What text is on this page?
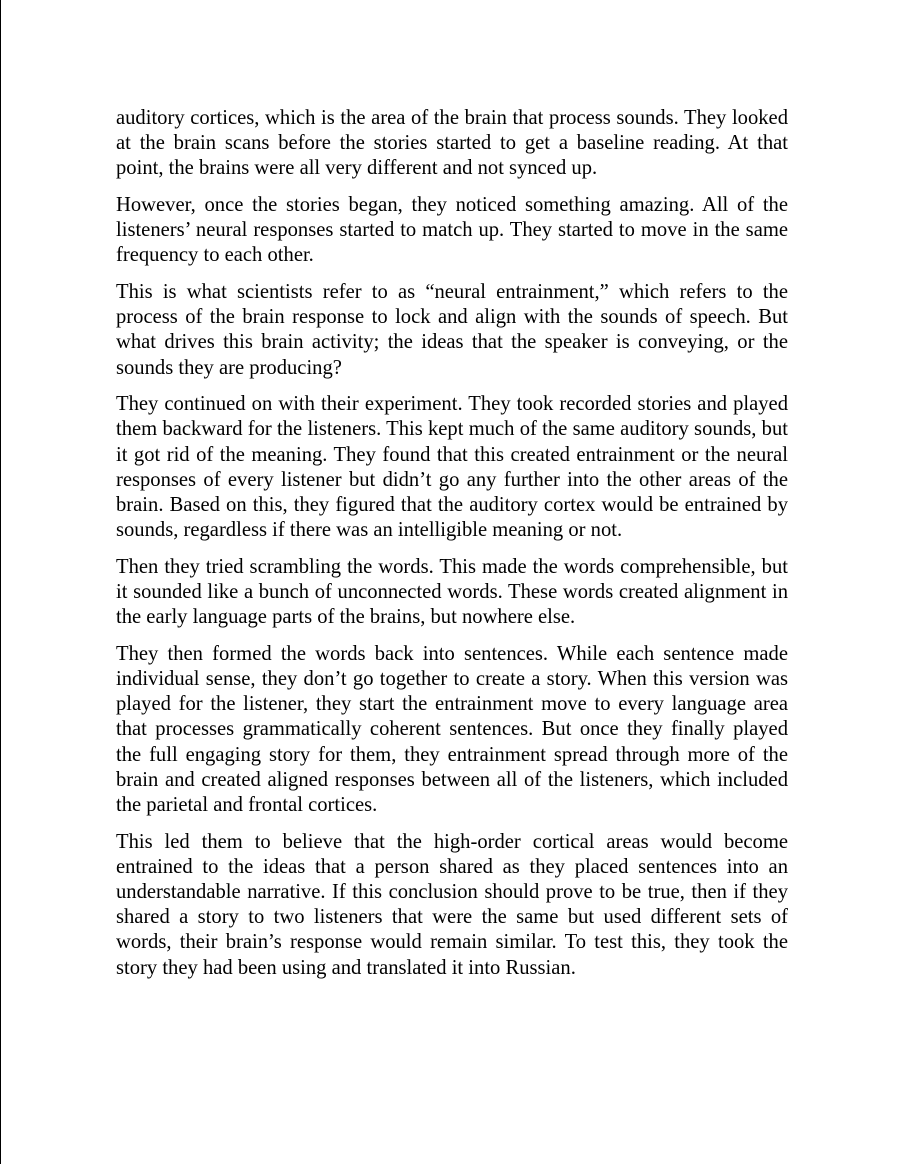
auditory cortices, which is the area of the brain that process sounds. They looked at the brain scans before the stories started to get a baseline reading. At that point, the brains were all very different and not synced up.

However, once the stories began, they noticed something amazing. All of the listeners’ neural responses started to match up. They started to move in the same frequency to each other.

This is what scientists refer to as “neural entrainment,” which refers to the process of the brain response to lock and align with the sounds of speech. But what drives this brain activity; the ideas that the speaker is conveying, or the sounds they are producing?

They continued on with their experiment. They took recorded stories and played them backward for the listeners. This kept much of the same auditory sounds, but it got rid of the meaning. They found that this created entrainment or the neural responses of every listener but didn’t go any further into the other areas of the brain. Based on this, they figured that the auditory cortex would be entrained by sounds, regardless if there was an intelligible meaning or not.

Then they tried scrambling the words. This made the words comprehensible, but it sounded like a bunch of unconnected words. These words created alignment in the early language parts of the brains, but nowhere else.

They then formed the words back into sentences. While each sentence made individual sense, they don’t go together to create a story. When this version was played for the listener, they start the entrainment move to every language area that processes grammatically coherent sentences. But once they finally played the full engaging story for them, they entrainment spread through more of the brain and created aligned responses between all of the listeners, which included the parietal and frontal cortices.

This led them to believe that the high-order cortical areas would become entrained to the ideas that a person shared as they placed sentences into an understandable narrative. If this conclusion should prove to be true, then if they shared a story to two listeners that were the same but used different sets of words, their brain’s response would remain similar. To test this, they took the story they had been using and translated it into Russian.
